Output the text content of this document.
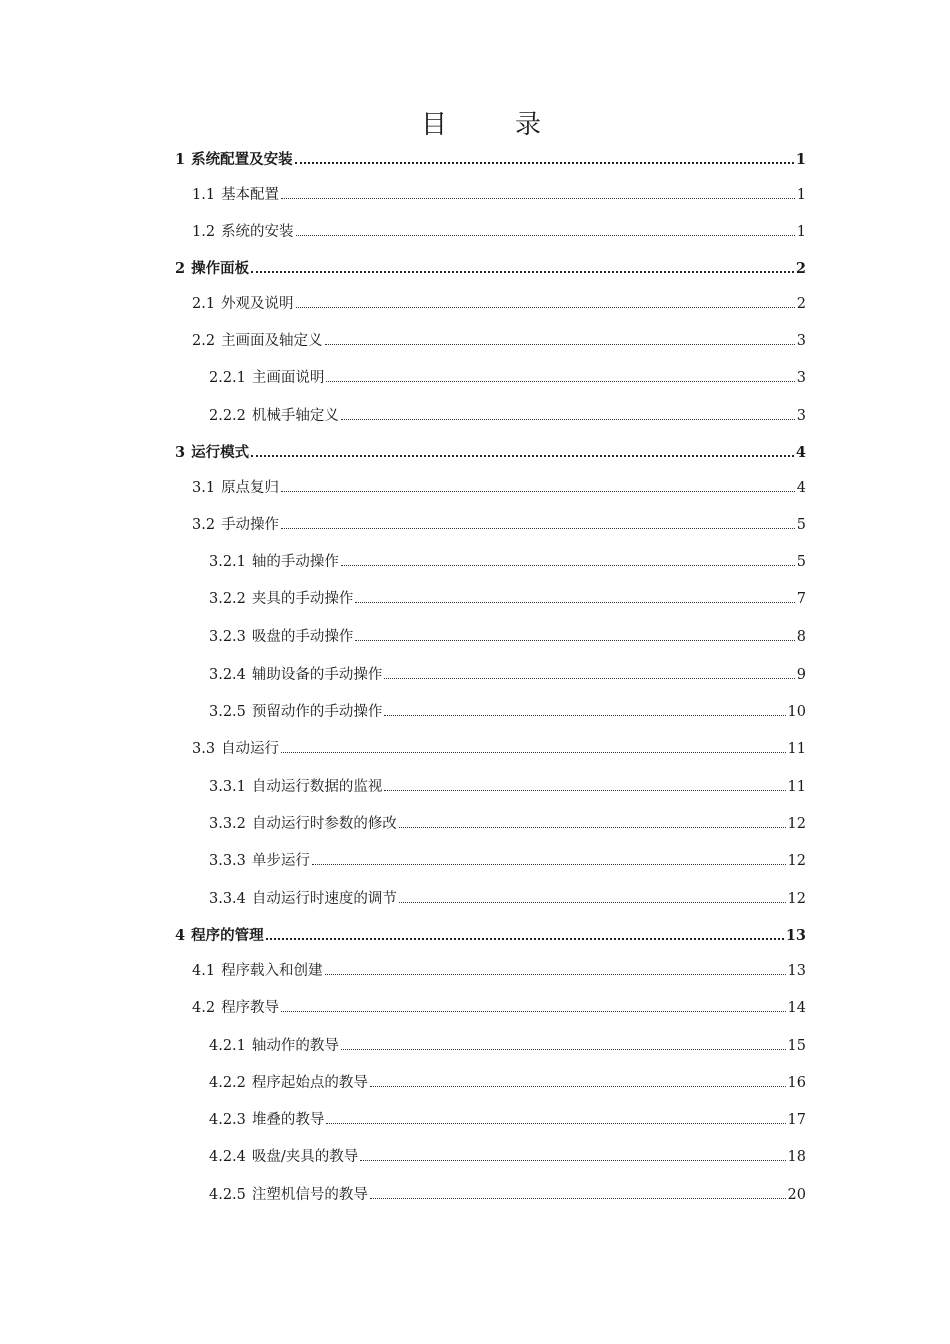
目录
1 系统配置及安装	1
1.1 基本配置	1
1.2 系统的安装	1
2 操作面板	2
2.1 外观及说明	2
2.2 主画面及轴定义	3
2.2.1 主画面说明	3
2.2.2 机械手轴定义	3
3 运行模式	4
3.1 原点复归	4
3.2 手动操作	5
3.2.1 轴的手动操作	5
3.2.2 夹具的手动操作	7
3.2.3 吸盘的手动操作	8
3.2.4 辅助设备的手动操作	9
3.2.5 预留动作的手动操作	10
3.3 自动运行	11
3.3.1 自动运行数据的监视	11
3.3.2 自动运行时参数的修改	12
3.3.3 单步运行	12
3.3.4 自动运行时速度的调节	12
4 程序的管理	13
4.1 程序载入和创建	13
4.2 程序教导	14
4.2.1 轴动作的教导	15
4.2.2 程序起始点的教导	16
4.2.3 堆叠的教导	17
4.2.4 吸盘/夹具的教导	18
4.2.5 注塑机信号的教导	20
